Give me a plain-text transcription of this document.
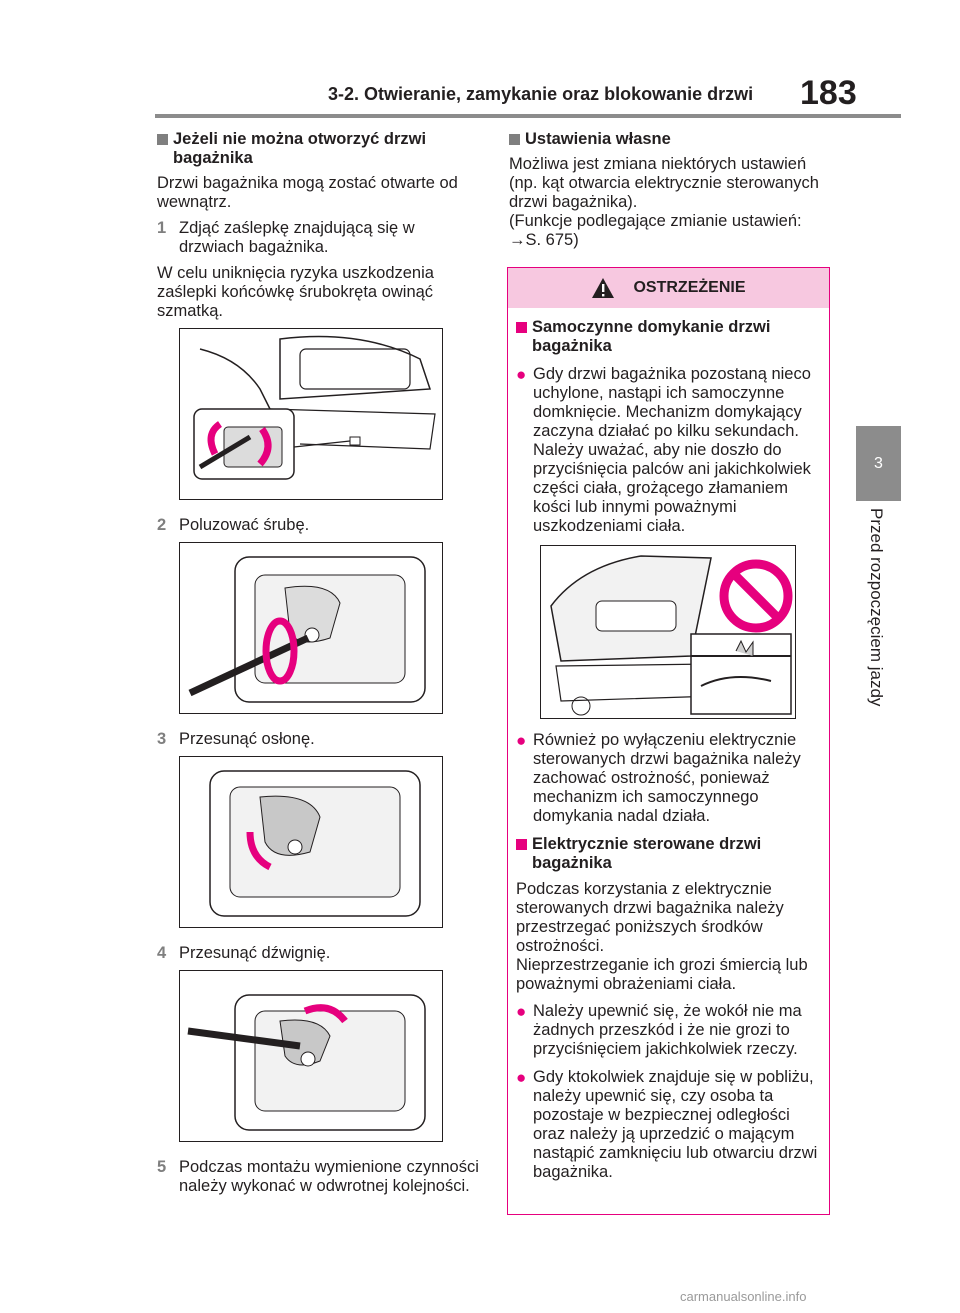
3-2. Otwieranie, zamykanie oraz blokowanie drzwi 183
3
Przed rozpoczęciem jazdy
Jeżeli nie można otworzyć drzwi bagażnika

Drzwi bagażnika mogą zostać otwarte od wewnątrz.

1 Zdjąć zaślepkę znajdującą się w drzwiach bagażnika.

W celu uniknięcia ryzyka uszkodzenia zaślepki końcówkę śrubokręta owinąć szmatką.

2 Poluzować śrubę.
3 Przesunąć osłonę.
4 Przesunąć dźwignię.
5 Podczas montażu wymienione czynności należy wykonać w odwrotnej kolejności.
Ustawienia własne

Możliwa jest zmiana niektórych ustawień (np. kąt otwarcia elektrycznie sterowanych drzwi bagażnika).

(Funkcje podlegające zmianie ustawień: →S. 675)

OSTRZEŻENIE
Samoczynne domykanie drzwi bagażnika
● Gdy drzwi bagażnika pozostaną nieco uchylone, nastąpi ich samoczynne domknięcie. Mechanizm domykający zaczyna działać po kilku sekundach. Należy uważać, aby nie doszło do przyciśnięcia palców ani jakichkolwiek części ciała, grożącego złamaniem kości lub innymi poważnymi uszkodzeniami ciała.
● Również po wyłączeniu elektrycznie sterowanych drzwi bagażnika należy zachować ostrożność, ponieważ mechanizm ich samoczynnego domykania nadal działa.
Elektrycznie sterowane drzwi bagażnika

Podczas korzystania z elektrycznie sterowanych drzwi bagażnika należy przestrzegać poniższych środków ostrożności.

Nieprzestrzeganie ich grozi śmiercią lub poważnymi obrażeniami ciała.

● Należy upewnić się, że wokół nie ma żadnych przeszkód i że nie grozi to przyciśnięciem jakichkolwiek rzeczy.
● Gdy ktokolwiek znajduje się w pobliżu, należy upewnić się, czy osoba ta pozostaje w bezpiecznej odległości oraz należy ją uprzedzić o mającym nastąpić zamknięciu lub otwarciu drzwi bagażnika.
carmanualsonline.info
